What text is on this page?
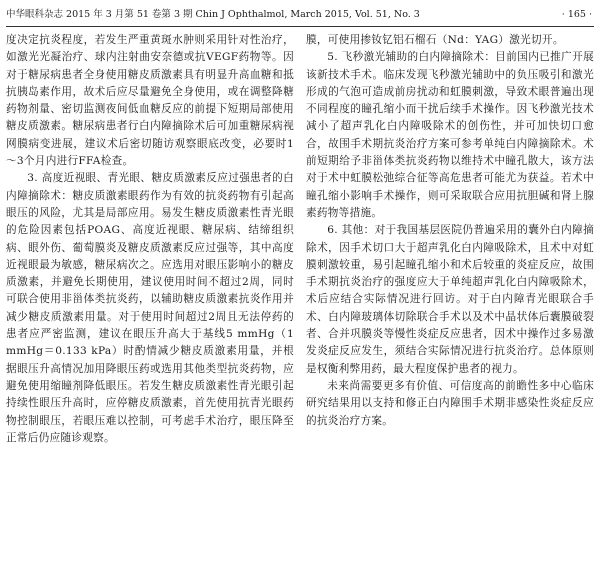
中华眼科杂志 2015 年 3 月第 51 卷第 3 期 Chin J Ophthalmol, March 2015, Vol. 51, No. 3	· 165 ·

度决定抗炎程度，若发生严重黄斑水肿则采用针对性治疗，如激光光凝治疗、球内注射曲安奈德或抗VEGF药物等。因对于糖尿病患者全身使用糖皮质激素具有明显升高血糖和抵抗胰岛素作用，故术后应尽量避免全身使用，或在调整降糖药物剂量、密切监测夜间低血糖反应的前提下短期局部使用糖皮质激素。糖尿病患者行白内障摘除术后可加重糖尿病视网膜病变进展，建议术后密切随访观察眼底改变，必要时1～3个月内进行FFA检查。

3. 高度近视眼、青光眼、糖皮质激素反应过强患者的白内障摘除术：糖皮质激素眼药作为有效的抗炎药物有引起高眼压的风险，尤其是局部应用。易发生糖皮质激素性青光眼的危险因素包括POAG、高度近视眼、糖尿病、结缔组织病、眼外伤、葡萄膜炎及糖皮质激素反应过强等，其中高度近视眼最为敏感，糖尿病次之。应选用对眼压影响小的糖皮质激素，并避免长期使用，建议使用时间不超过2周，同时可联合使用非甾体类抗炎药，以辅助糖皮质激素抗炎作用并减少糖皮质激素用量。对于使用时间超过2周且无法停药的患者应严密监测，建议在眼压升高大于基线5 mmHg（1 mmHg＝0.133 kPa）时酌情减少糖皮质激素用量，并根据眼压升高情况加用降眼压药或选用其他类型抗炎药物，应避免使用缩瞳剂降低眼压。若发生糖皮质激素性青光眼引起持续性眼压升高时，应停糖皮质激素，首先使用抗青光眼药物控制眼压，若眼压难以控制，可考虑手术治疗，眼压降至正常后仍应随诊观察。

膜，可使用掺钕钇铝石榴石（Nd：YAG）激光切开。

5. 飞秒激光辅助的白内障摘除术：目前国内已推广开展该新技术手术。临床发现飞秒激光辅助中的负压吸引和激光形成的气泡可造成前房扰动和虹膜刺激，导致术眼普遍出现不同程度的瞳孔缩小而干扰后续手术操作。因飞秒激光技术减小了超声乳化白内障吸除术的创伤性，并可加快切口愈合，故围手术期抗炎治疗方案可参考单纯白内障摘除术。术前短期给予非甾体类抗炎药物以维持术中瞳孔散大，该方法对于术中虹膜松弛综合征等高危患者可能尤为获益。若术中瞳孔缩小影响手术操作，则可采取联合应用抗胆碱和肾上腺素药物等措施。

6. 其他：对于我国基层医院仍普遍采用的囊外白内障摘除术，因手术切口大于超声乳化白内障吸除术，且术中对虹膜刺激较重，易引起瞳孔缩小和术后较重的炎症反应，故围手术期抗炎治疗的强度应大于单纯超声乳化白内障吸除术，术后应结合实际情况进行回访。对于白内障青光眼联合手术、白内障玻璃体切除联合手术以及术中晶状体后囊膜破裂者、合并巩膜炎等慢性炎症反应患者，因术中操作过多易激发炎症反应发生，须结合实际情况进行抗炎治疗。总体原则是权衡利弊用药，最大程度保护患者的视力。

未来尚需要更多有价值、可信度高的前瞻性多中心临床研究结果用以支持和修正白内障围手术期非感染性炎症反应的抗炎治疗方案。
